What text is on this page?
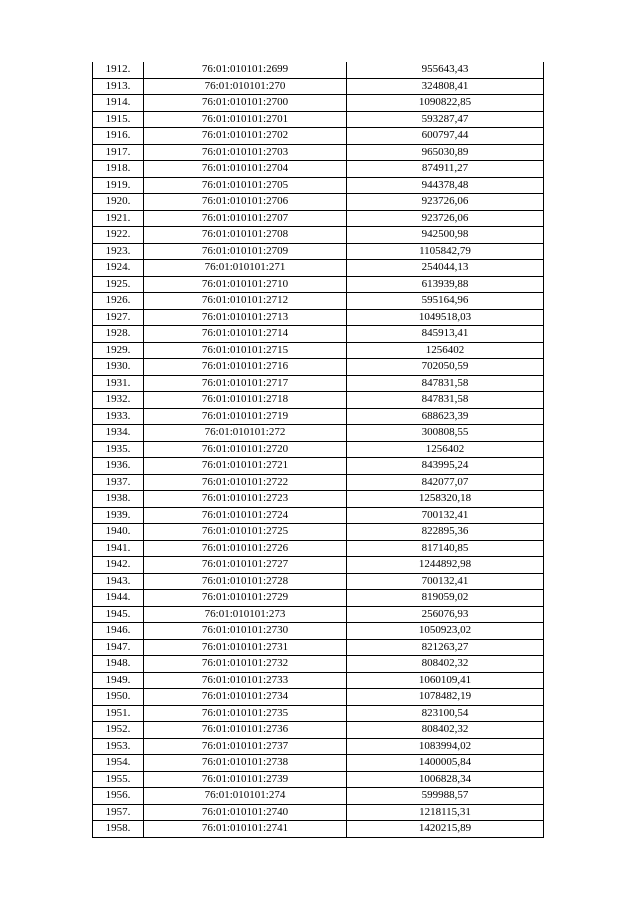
1912.	76:01:010101:2699	955643,43
1913.	76:01:010101:270	324808,41
1914.	76:01:010101:2700	1090822,85
1915.	76:01:010101:2701	593287,47
1916.	76:01:010101:2702	600797,44
1917.	76:01:010101:2703	965030,89
1918.	76:01:010101:2704	874911,27
1919.	76:01:010101:2705	944378,48
1920.	76:01:010101:2706	923726,06
1921.	76:01:010101:2707	923726,06
1922.	76:01:010101:2708	942500,98
1923.	76:01:010101:2709	1105842,79
1924.	76:01:010101:271	254044,13
1925.	76:01:010101:2710	613939,88
1926.	76:01:010101:2712	595164,96
1927.	76:01:010101:2713	1049518,03
1928.	76:01:010101:2714	845913,41
1929.	76:01:010101:2715	1256402
1930.	76:01:010101:2716	702050,59
1931.	76:01:010101:2717	847831,58
1932.	76:01:010101:2718	847831,58
1933.	76:01:010101:2719	688623,39
1934.	76:01:010101:272	300808,55
1935.	76:01:010101:2720	1256402
1936.	76:01:010101:2721	843995,24
1937.	76:01:010101:2722	842077,07
1938.	76:01:010101:2723	1258320,18
1939.	76:01:010101:2724	700132,41
1940.	76:01:010101:2725	822895,36
1941.	76:01:010101:2726	817140,85
1942.	76:01:010101:2727	1244892,98
1943.	76:01:010101:2728	700132,41
1944.	76:01:010101:2729	819059,02
1945.	76:01:010101:273	256076,93
1946.	76:01:010101:2730	1050923,02
1947.	76:01:010101:2731	821263,27
1948.	76:01:010101:2732	808402,32
1949.	76:01:010101:2733	1060109,41
1950.	76:01:010101:2734	1078482,19
1951.	76:01:010101:2735	823100,54
1952.	76:01:010101:2736	808402,32
1953.	76:01:010101:2737	1083994,02
1954.	76:01:010101:2738	1400005,84
1955.	76:01:010101:2739	1006828,34
1956.	76:01:010101:274	599988,57
1957.	76:01:010101:2740	1218115,31
1958.	76:01:010101:2741	1420215,89
